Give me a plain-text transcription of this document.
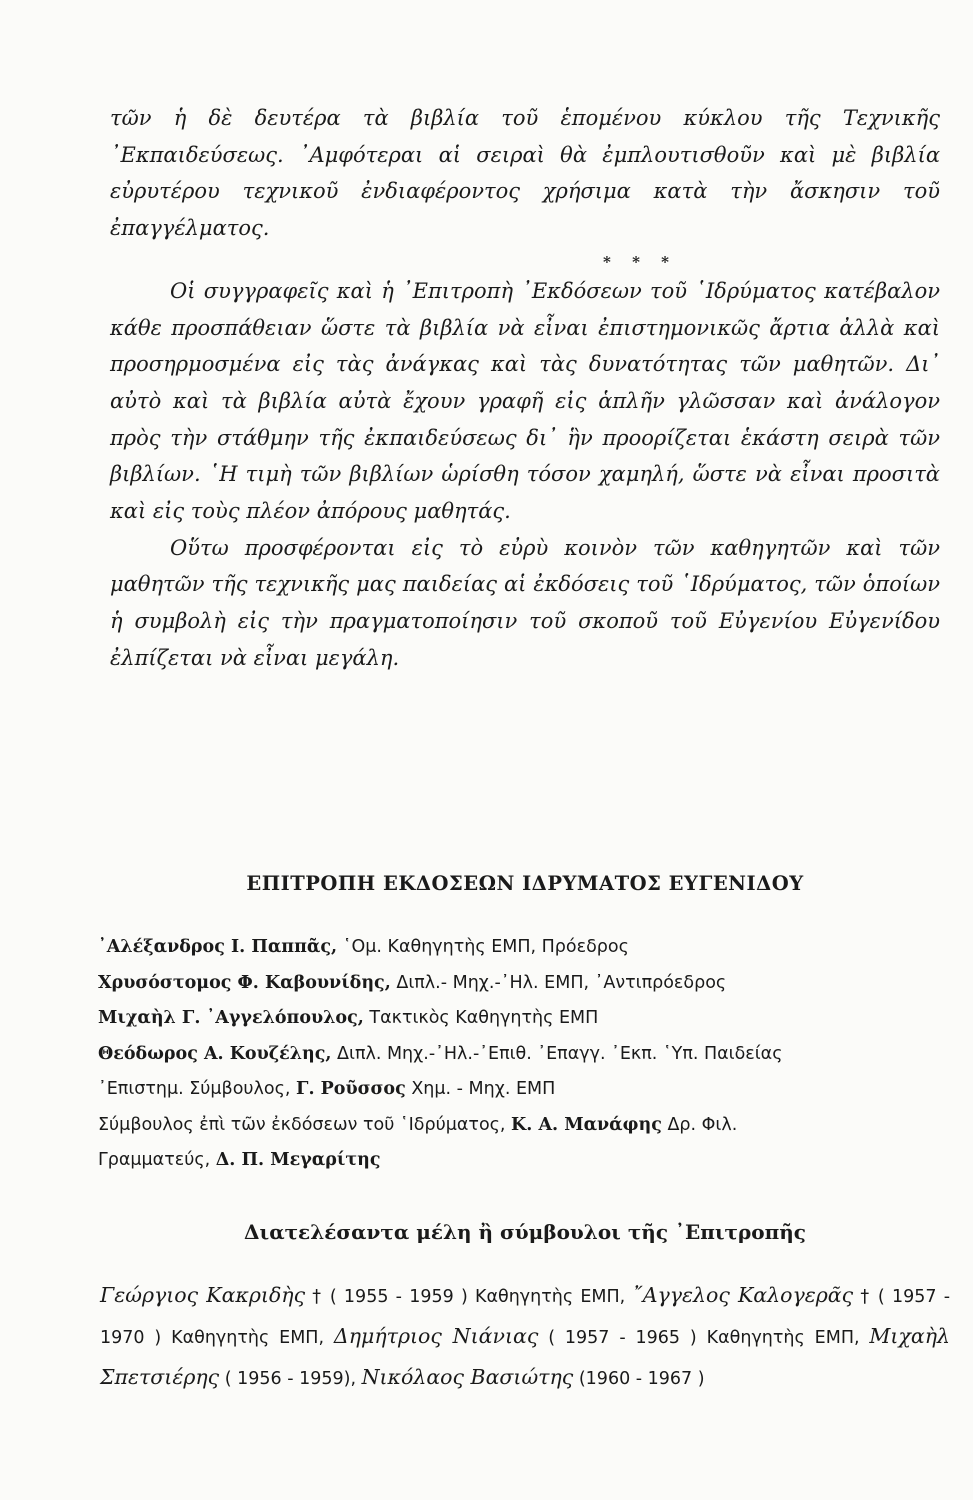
τῶν ἡ δὲ δευτέρα τὰ βιβλία τοῦ ἑπομένου κύκλου τῆς Τεχνικῆς ᾿Εκπαιδεύσεως. ᾿Αμφότεραι αἱ σειραὶ θὰ ἐμπλουτισθοῦν καὶ μὲ βιβλία εὐρυτέρου τεχνικοῦ ἐνδιαφέροντος χρήσιμα κατὰ τὴν ἄσκησιν τοῦ ἐπαγγέλματος.

* * *

Οἱ συγγραφεῖς καὶ ἡ ᾿Επιτροπὴ ᾿Εκδόσεων τοῦ ῾Ιδρύματος κατέβαλον κάθε προσπάθειαν ὥστε τὰ βιβλία νὰ εἶναι ἐπιστημονικῶς ἄρτια ἀλλὰ καὶ προσηρμοσμένα εἰς τὰς ἀνάγκας καὶ τὰς δυνατότητας τῶν μαθητῶν. Δι᾿ αὐτὸ καὶ τὰ βιβλία αὐτὰ ἔχουν γραφῆ εἰς ἁπλῆν γλῶσσαν καὶ ἀνάλογον πρὸς τὴν στάθμην τῆς ἐκπαιδεύσεως δι᾿ ἣν προορίζεται ἑκάστη σειρὰ τῶν βιβλίων. ῾Η τιμὴ τῶν βιβλίων ὡρίσθη τόσον χαμηλή, ὥστε νὰ εἶναι προσιτὰ καὶ εἰς τοὺς πλέον ἀπόρους μαθητάς.

Οὕτω προσφέρονται εἰς τὸ εὐρὺ κοινὸν τῶν καθηγητῶν καὶ τῶν μαθητῶν τῆς τεχνικῆς μας παιδείας αἱ ἐκδόσεις τοῦ ῾Ιδρύματος, τῶν ὁποίων ἡ συμβολὴ εἰς τὴν πραγματοποίησιν τοῦ σκοποῦ τοῦ Εὐγενίου Εὐγενίδου ἐλπίζεται νὰ εἶναι μεγάλη.

ΕΠΙΤΡΟΠΗ ΕΚΔΟΣΕΩΝ ΙΔΡΥΜΑΤΟΣ ΕΥΓΕΝΙΔΟΥ

᾿Αλέξανδρος Ι. Παππᾶς, ῾Ομ. Καθηγητὴς ΕΜΠ, Πρόεδρος

Χρυσόστομος Φ. Καβουνίδης, Διπλ.- Μηχ.-᾿Ηλ. ΕΜΠ, ᾿Αντιπρόεδρος

Μιχαὴλ Γ. ᾿Αγγελόπουλος, Τακτικὸς Καθηγητὴς ΕΜΠ

Θεόδωρος Α. Κουζέλης, Διπλ. Μηχ.-᾿Ηλ.-᾿Επιθ. ᾿Επαγγ. ᾿Εκπ. ῾Υπ. Παιδείας

᾿Επιστημ. Σύμβουλος, Γ. Ροῦσσος Χημ. - Μηχ. ΕΜΠ

Σύμβουλος ἐπὶ τῶν ἐκδόσεων τοῦ ῾Ιδρύματος, Κ. Α. Μανάφης Δρ. Φιλ.

Γραμματεύς, Δ. Π. Μεγαρίτης

Διατελέσαντα μέλη ἢ σύμβουλοι τῆς ᾿Επιτροπῆς

Γεώργιος Κακριδὴς † ( 1955 - 1959 ) Καθηγητὴς ΕΜΠ, ῎Αγγελος Καλογερᾶς † ( 1957 - 1970 ) Καθηγητὴς ΕΜΠ, Δημήτριος Νιάνιας ( 1957 - 1965 ) Καθηγητὴς ΕΜΠ, Μιχαὴλ Σπετσιέρης ( 1956 - 1959), Νικόλαος Βασιώτης (1960 - 1967 )
